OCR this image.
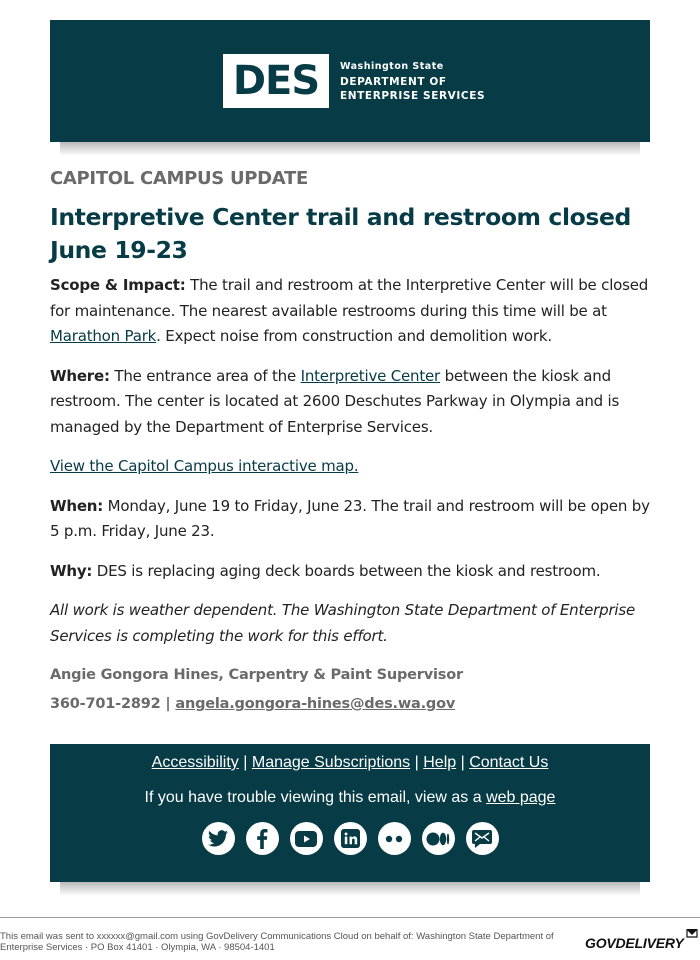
DES Washington State
DEPARTMENT OF
ENTERPRISE SERVICES
CAPITOL CAMPUS UPDATE
Interpretive Center trail and restroom closed June 19-23

Scope & Impact: The trail and restroom at the Interpretive Center will be closed for maintenance. The nearest available restrooms during this time will be at Marathon Park. Expect noise from construction and demolition work.

Where: The entrance area of the Interpretive Center between the kiosk and restroom. The center is located at 2600 Deschutes Parkway in Olympia and is managed by the Department of Enterprise Services.

View the Capitol Campus interactive map.

When: Monday, June 19 to Friday, June 23. The trail and restroom will be open by 5 p.m. Friday, June 23.

Why: DES is replacing aging deck boards between the kiosk and restroom.

All work is weather dependent. The Washington State Department of Enterprise Services is completing the work for this effort.

Angie Gongora Hines, Carpentry & Paint Supervisor
360-701-2892 | angela.gongora-hines@des.wa.gov
Accessibility | Manage Subscriptions | Help | Contact Us
If you have trouble viewing this email, view as a web page
This email was sent to xxxxxx@gmail.com using GovDelivery Communications Cloud on behalf of: Washington State Department of Enterprise Services · PO Box 41401 · Olympia, WA · 98504-1401	GOVDELIVERY
